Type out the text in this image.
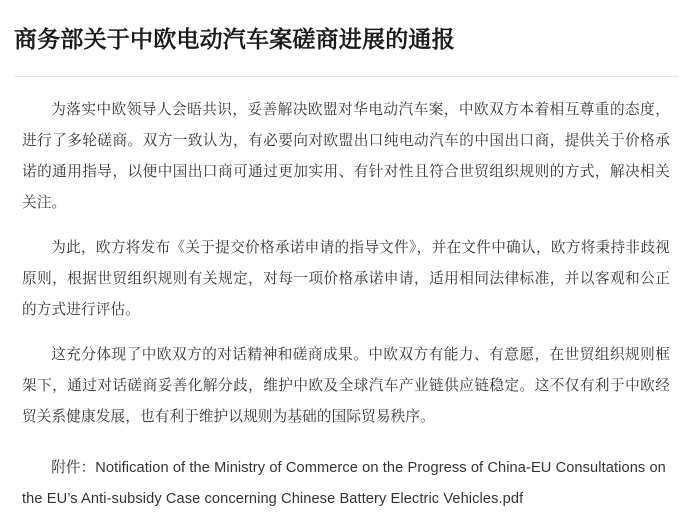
商务部关于中欧电动汽车案磋商进展的通报

为落实中欧领导人会晤共识，妥善解决欧盟对华电动汽车案，中欧双方本着相互尊重的态度，进行了多轮磋商。双方一致认为，有必要向对欧盟出口纯电动汽车的中国出口商，提供关于价格承诺的通用指导，以便中国出口商可通过更加实用、有针对性且符合世贸组织规则的方式，解决相关关注。

为此，欧方将发布《关于提交价格承诺申请的指导文件》，并在文件中确认，欧方将秉持非歧视原则，根据世贸组织规则有关规定，对每一项价格承诺申请，适用相同法律标准，并以客观和公正的方式进行评估。

这充分体现了中欧双方的对话精神和磋商成果。中欧双方有能力、有意愿，在世贸组织规则框架下，通过对话磋商妥善化解分歧，维护中欧及全球汽车产业链供应链稳定。这不仅有利于中欧经贸关系健康发展，也有利于维护以规则为基础的国际贸易秩序。

附件：Notification of the Ministry of Commerce on the Progress of China-EU Consultations on the EU’s Anti-subsidy Case concerning Chinese Battery Electric Vehicles.pdf
